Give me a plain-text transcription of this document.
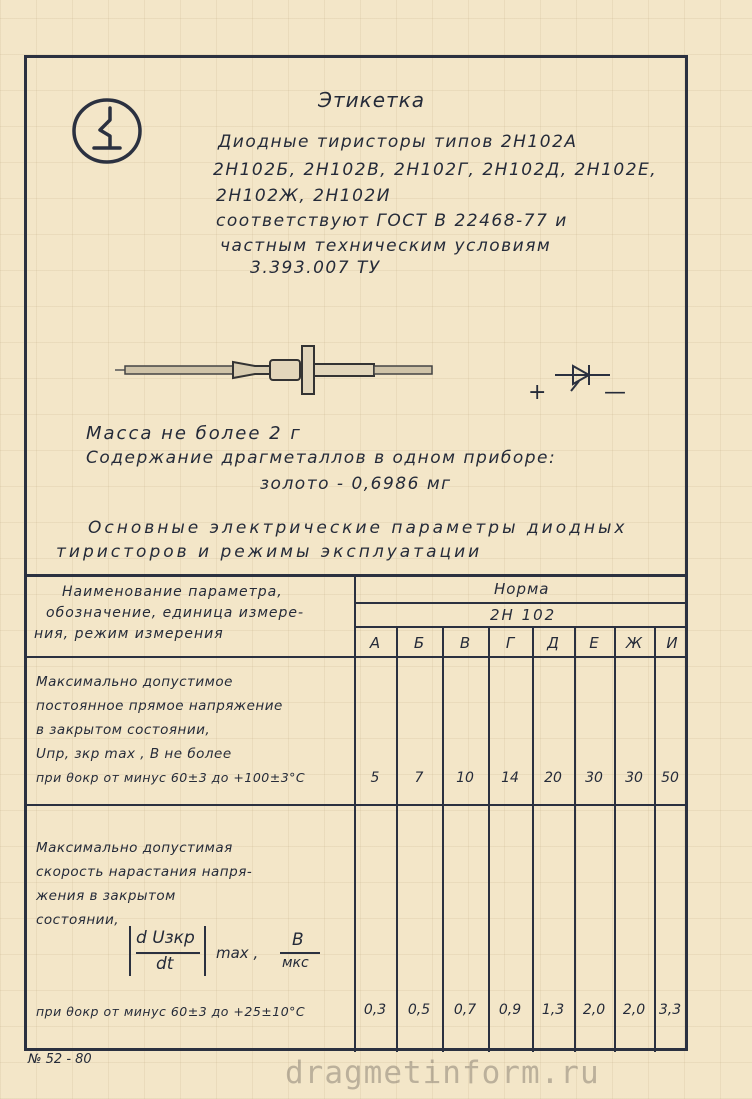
Этикетка
Диодные тиристоры типов 2Н102А
2Н102Б, 2Н102В, 2Н102Г, 2Н102Д, 2Н102Е,
2Н102Ж, 2Н102И
соответствуют ГОСТ В 22468-77 и
частным техническим условиям
3.393.007 ТУ
+	—
Масса не более 2 г
Содержание драгметаллов в одном приборе:
золото - 0,6986 мг
Основные электрические параметры диодных
тиристоров и режимы эксплуатации
Наименование параметра,
обозначение, единица измере-
ния, режим измерения
Норма
2Н 102
А	Б	В	Г	Д	Е	Ж	И
Максимально допустимое
постоянное прямое напряжение
в закрытом состоянии,
Uпр, зкр max , В не более
при θокр от минус 60±3 до +100±3°С	5	7	10	14	20	30	30	50
Максимально допустимая
скорость нарастания напря-
жения в закрытом
состоянии,
d Uзкр
dt
max ,
В
мкс
при θокр от минус 60±3 до +25±10°С	0,3	0,5	0,7	0,9	1,3	2,0	2,0 3,3
№ 52 - 80	dragmetinform.ru
